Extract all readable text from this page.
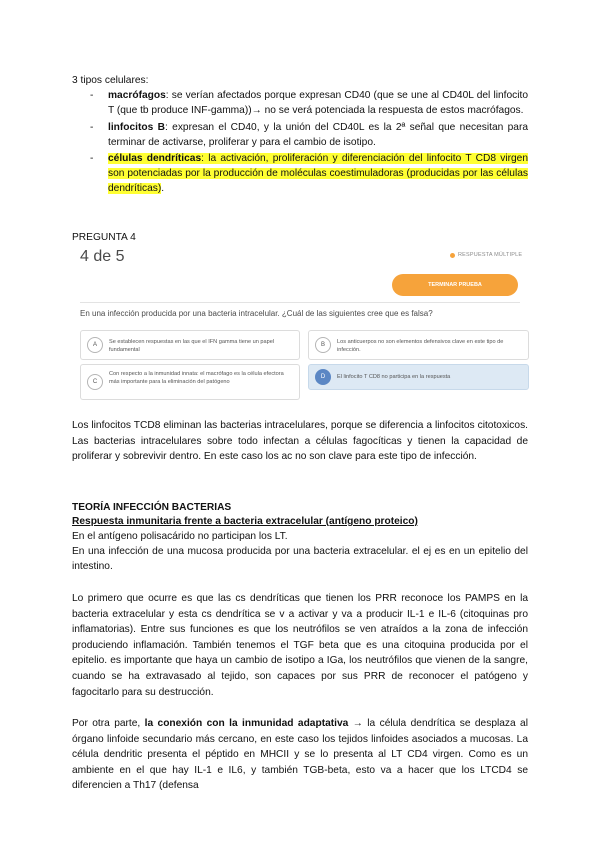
3 tipos celulares:
- macrófagos: se verían afectados porque expresan CD40 (que se une al CD40L del linfocito T (que tb produce INF-gamma))→ no se verá potenciada la respuesta de estos macrófagos.
- linfocitos B: expresan el CD40, y la unión del CD40L es la 2ª señal que necesitan para terminar de activarse, proliferar y para el cambio de isotipo.
- células dendríticas: la activación, proliferación y diferenciación del linfocito T CD8 virgen son potenciadas por la producción de moléculas coestimuladoras (producidas por las células dendríticas).
PREGUNTA 4
4 de 5	RESPUESTA MÚLTIPLE
TERMINAR PRUEBA
En una infección producida por una bacteria intracelular. ¿Cuál de las siguientes cree que es falsa?
A	Se establecen respuestas en las que el IFN gamma tiene un papel fundamental
B	Los anticuerpos no son elementos defensivos clave en este tipo de infección.
C
Con respecto a la inmunidad innata: el macrófago es la célula efectora más importante para la eliminación del patógeno
D	El linfocito T CD8 no participa en la respuesta
Los linfocitos TCD8 eliminan las bacterias intracelulares, porque se diferencia a linfocitos citotoxicos. Las bacterias intracelulares sobre todo infectan a células fagocíticas y tienen la capacidad de proliferar y sobrevivir dentro. En este caso los ac no son clave para este tipo de infección.
TEORÍA INFECCIÓN BACTERIAS
Respuesta inmunitaria frente a bacteria extracelular (antígeno proteico)
En el antígeno polisacárido no participan los LT.
En una infección de una mucosa producida por una bacteria extracelular. el ej es en un epitelio del intestino.
Lo primero que ocurre es que las cs dendríticas que tienen los PRR reconoce los PAMPS en la bacteria extracelular y esta cs dendrítica se v a activar y va a producir IL-1 e IL-6 (citoquinas pro inflamatorias). Entre sus funciones es que los neutrófilos se ven atraídos a la zona de infección produciendo inflamación. También tenemos el TGF beta que es una citoquina producida por el epitelio. es importante que haya un cambio de isotipo a IGa, los neutrófilos que vienen de la sangre, cuando se ha extravasado al tejido, son capaces por sus PRR de reconocer el patógeno y fagocitarlo para su destrucción.
Por otra parte, la conexión con la inmunidad adaptativa → la célula dendrítica se desplaza al órgano linfoide secundario más cercano, en este caso los tejidos linfoides asociados a mucosas. La célula dendritic presenta el péptido en MHCII y se lo presenta al LT CD4 virgen. Como es un ambiente en el que hay IL-1 e IL6, y también TGB-beta, esto va a hacer que los LTCD4 se diferencien a Th17 (defensa
